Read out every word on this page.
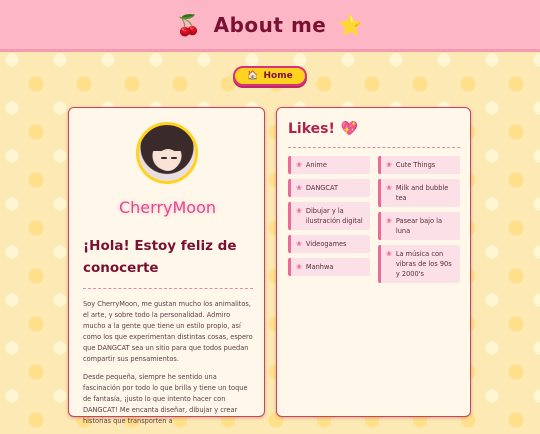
🍒 About me ⭐
🏠 Home
CherryMoon
¡Hola! Estoy feliz de conocerte

Soy CherryMoon, me gustan mucho los animalitos, el arte, y sobre todo la personalidad. Admiro mucho a la gente que tiene un estilo propio, así como los que experimentan distintas cosas, espero que DANGCAT sea un sitio para que todos puedan compartir sus pensamientos.

Desde pequeña, siempre he sentido una fascinación por todo lo que brilla y tiene un toque de fantasía, ¡justo lo que intento hacer con DANGCAT! Me encanta diseñar, dibujar y crear historias que transporten a

Likes! 💖
❀ Anime
❀ DANGCAT
❀ Dibujar y la ilustración digital
❀ Videogames
❀ Manhwa
❀ Cute Things
❀ Milk and bubble tea
❀ Pasear bajo la luna
❀ La música con vibras de los 90s y 2000's
